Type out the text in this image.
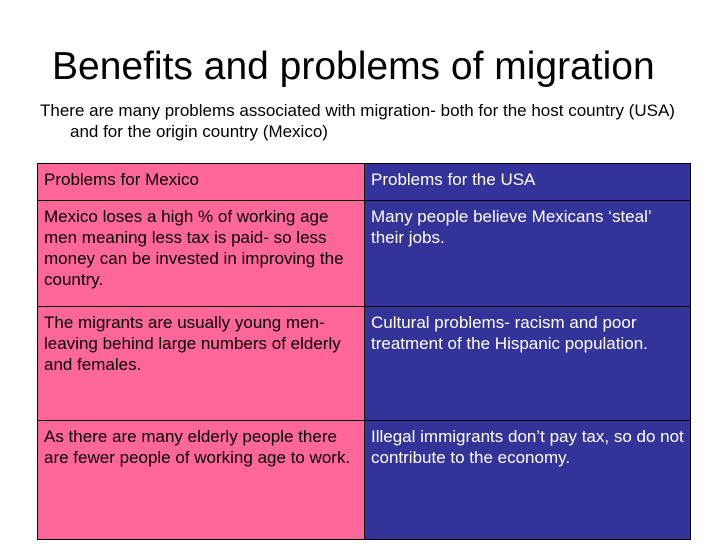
Benefits and problems of migration
There are many problems associated with migration- both for the host country (USA) and for the origin country (Mexico)
Problems for Mexico	Problems for the USA
Mexico loses a high % of working age men meaning less tax is paid- so less money can be invested in improving the country.	Many people believe Mexicans ‘steal’ their jobs.
The migrants are usually young men- leaving behind large numbers of elderly and females.	Cultural problems- racism and poor treatment of the Hispanic population.
As there are many elderly people there are fewer people of working age to work.	Illegal immigrants don’t pay tax, so do not contribute to the economy.
